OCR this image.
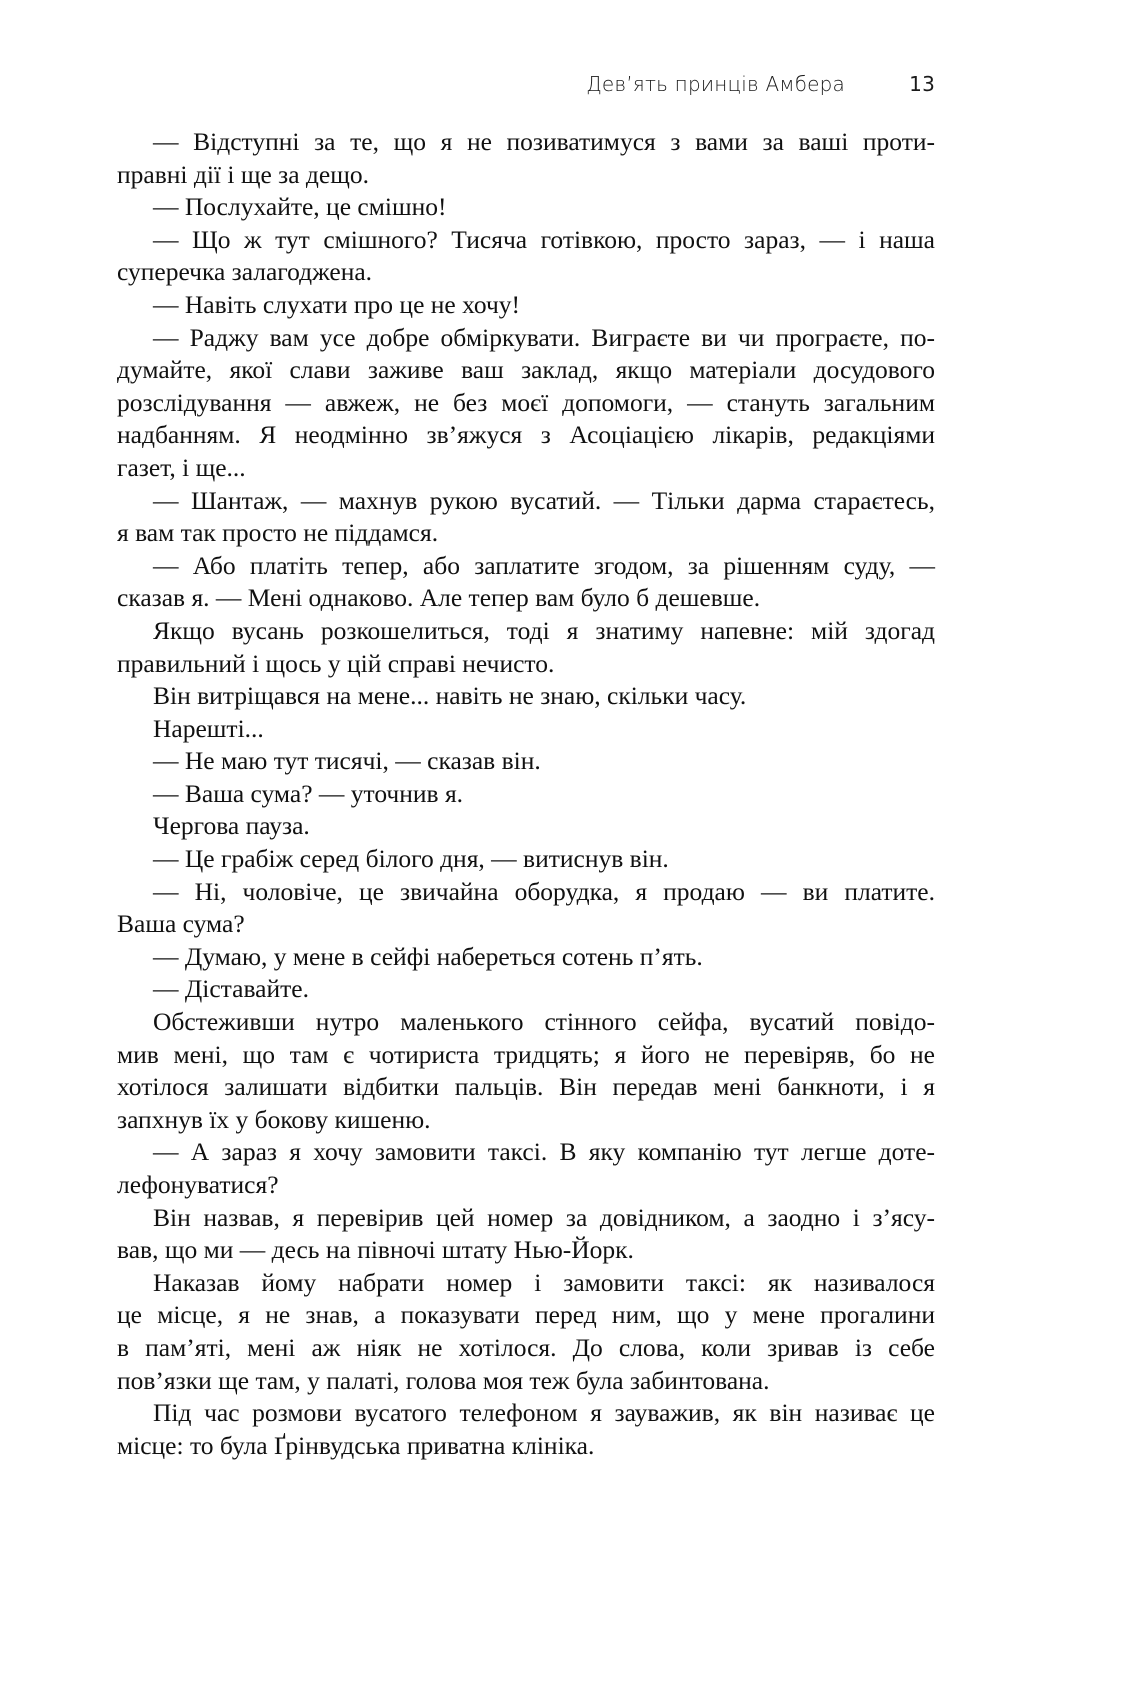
Дев’ять принців Амбера	13
— Відступні за те, що я не позиватимуся з вами за ваші проти-
правні дії і ще за дещо.
— Послухайте, це смішно!
— Що ж тут смішного? Тисяча готівкою, просто зараз, — і наша
суперечка залагоджена.
— Навіть слухати про це не хочу!
— Раджу вам усе добре обміркувати. Виграєте ви чи програєте, по-
думайте, якої слави заживе ваш заклад, якщо матеріали досудового
розслідування — авжеж, не без моєї допомоги, — стануть загальним
надбанням. Я неодмінно зв’яжуся з Асоціацією лікарів, редакціями
газет, і ще...
— Шантаж, — махнув рукою вусатий. — Тільки дарма стараєтесь,
я вам так просто не піддамся.
— Або платіть тепер, або заплатите згодом, за рішенням суду, —
сказав я. — Мені однаково. Але тепер вам було б дешевше.
Якщо вусань розкошелиться, тоді я знатиму напевне: мій здогад
правильний і щось у цій справі нечисто.
Він витріщався на мене... навіть не знаю, скільки часу.
Нарешті...
— Не маю тут тисячі, — сказав він.
— Ваша сума? — уточнив я.
Чергова пауза.
— Це грабіж серед білого дня, — витиснув він.
— Ні, чоловіче, це звичайна оборудка, я продаю — ви платите.
Ваша сума?
— Думаю, у мене в сейфі набереться сотень п’ять.
— Діставайте.
Обстеживши нутро маленького стінного сейфа, вусатий повідо-
мив мені, що там є чотириста тридцять; я його не перевіряв, бо не
хотілося залишати відбитки пальців. Він передав мені банкноти, і я
запхнув їх у бокову кишеню.
— А зараз я хочу замовити таксі. В яку компанію тут легше доте-
лефонуватися?
Він назвав, я перевірив цей номер за довідником, а заодно і з’ясу-
вав, що ми — десь на півночі штату Нью-Йорк.
Наказав йому набрати номер і замовити таксі: як називалося
це місце, я не знав, а показувати перед ним, що у мене прогалини
в пам’яті, мені аж ніяк не хотілося. До слова, коли зривав із себе
пов’язки ще там, у палаті, голова моя теж була забинтована.
Під час розмови вусатого телефоном я зауважив, як він називає це
місце: то була Ґрінвудська приватна клініка.
